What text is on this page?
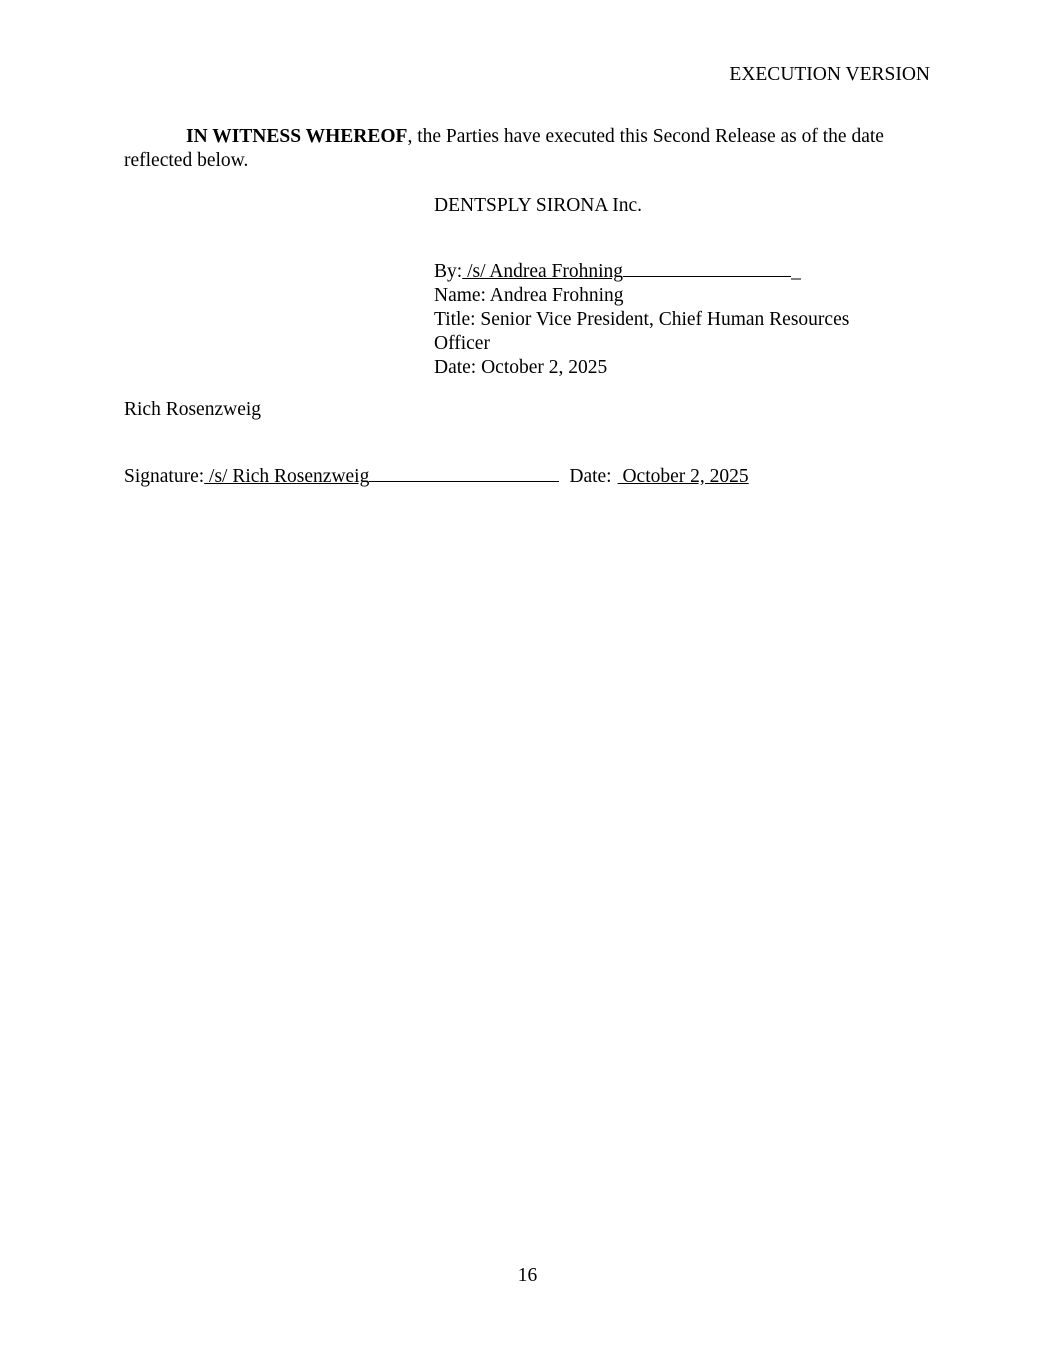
EXECUTION VERSION
IN WITNESS WHEREOF, the Parties have executed this Second Release as of the date reflected below.
DENTSPLY SIRONA Inc.
By: /s/ Andrea Frohning	_
Name: Andrea Frohning
Title: Senior Vice President, Chief Human Resources
Officer
Date: October 2, 2025
Rich Rosenzweig
Signature: /s/ Rich Rosenzweig	Date: October 2, 2025
16
